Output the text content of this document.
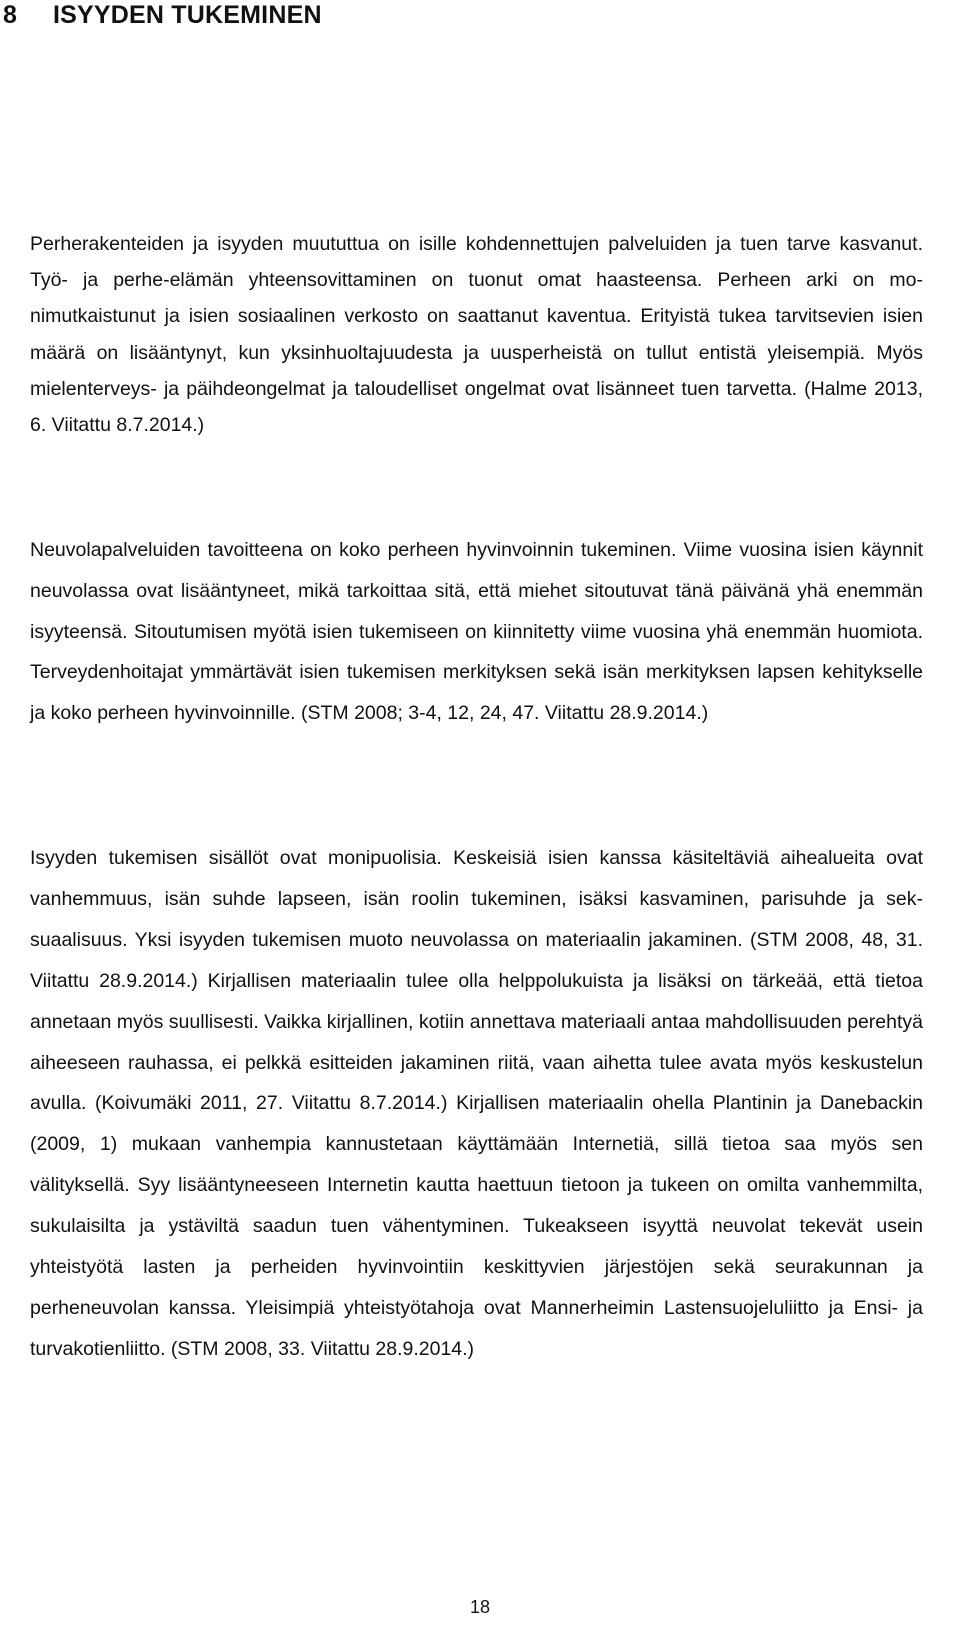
8 ISYYDEN TUKEMINEN

Perherakenteiden ja isyyden muututtua on isille kohdennettujen palveluiden ja tuen tarve kasvanut. Työ- ja perhe-elämän yhteensovittaminen on tuonut omat haasteensa. Perheen arki on monimutkaistunut ja isien sosiaalinen verkosto on saattanut kaventua. Erityistä tukea tarvitsevien isien määrä on lisääntynyt, kun yksinhuoltajuudesta ja uusperheistä on tullut entistä yleisempiä. Myös mielenterveys- ja päihdeongelmat ja taloudelliset ongelmat ovat lisänneet tuen tarvetta. (Halme 2013, 6. Viitattu 8.7.2014.)

Neuvolapalveluiden tavoitteena on koko perheen hyvinvoinnin tukeminen. Viime vuosina isien käynnit neuvolassa ovat lisääntyneet, mikä tarkoittaa sitä, että miehet sitoutuvat tänä päivänä yhä enemmän isyyteensä. Sitoutumisen myötä isien tukemiseen on kiinnitetty viime vuosina yhä enemmän huomiota. Terveydenhoitajat ymmärtävät isien tukemisen merkityksen sekä isän merkityksen lapsen kehitykselle ja koko perheen hyvinvoinnille. (STM 2008; 3-4, 12, 24, 47. Viitattu 28.9.2014.)

Isyyden tukemisen sisällöt ovat monipuolisia. Keskeisiä isien kanssa käsiteltäviä aihealueita ovat vanhemmuus, isän suhde lapseen, isän roolin tukeminen, isäksi kasvaminen, parisuhde ja seksuaalisuus. Yksi isyyden tukemisen muoto neuvolassa on materiaalin jakaminen. (STM 2008, 48, 31. Viitattu 28.9.2014.) Kirjallisen materiaalin tulee olla helppolukuista ja lisäksi on tärkeää, että tietoa annetaan myös suullisesti. Vaikka kirjallinen, kotiin annettava materiaali antaa mahdollisuuden perehtyä aiheeseen rauhassa, ei pelkkä esitteiden jakaminen riitä, vaan aihetta tulee avata myös keskustelun avulla. (Koivumäki 2011, 27. Viitattu 8.7.2014.) Kirjallisen materiaalin ohella Plantinin ja Danebackin (2009, 1) mukaan vanhempia kannustetaan käyttämään Internetiä, sillä tietoa saa myös sen välityksellä. Syy lisääntyneeseen Internetin kautta haettuun tietoon ja tukeen on omilta vanhemmilta, sukulaisilta ja ystäviltä saadun tuen vähentyminen. Tukeakseen isyyttä neuvolat tekevät usein yhteistyötä lasten ja perheiden hyvinvointiin keskittyvien järjestöjen sekä seurakunnan ja perheneuvolan kanssa. Yleisimpiä yhteistyötahoja ovat Mannerheimin Lastensuojeluliitto ja Ensi- ja turvakotienliitto. (STM 2008, 33. Viitattu 28.9.2014.)

18
